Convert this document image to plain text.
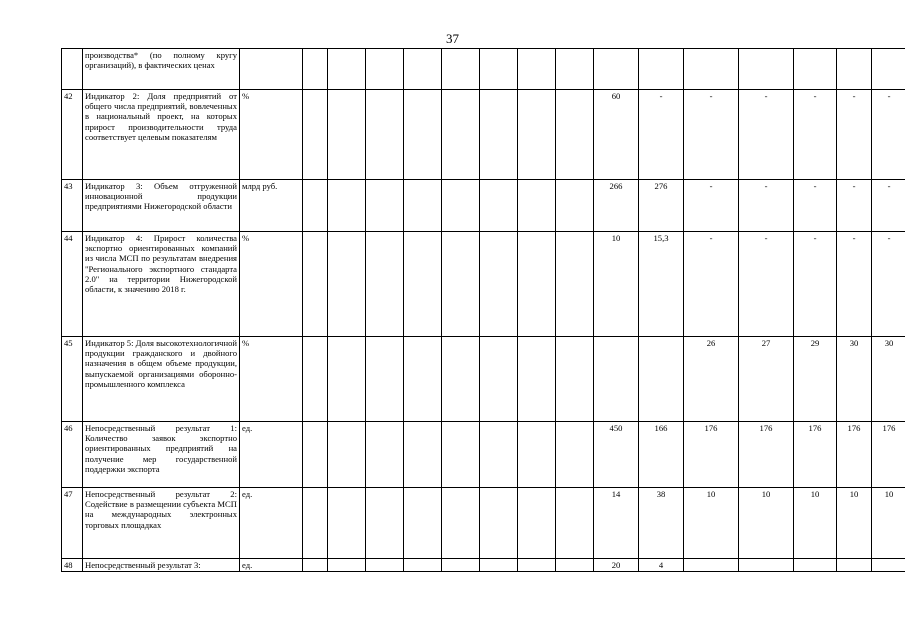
37
	производства* (по полному кругу организаций), в фактических ценах																
42	Индикатор 2: Доля предприятий от общего числа предприятий, вовлеченных в национальный проект, на которых прирост производительности труда соответствует целевым показателям	%									60	-	-	-	-	-	-
43	Индикатор 3: Объем отгруженной инновационной продукции предприятиями Нижегородской области	млрд руб.									266	276	-	-	-	-	-
44	Индикатор 4: Прирост количества экспортно ориентированных компаний из числа МСП по результатам внедрения "Регионального экспортного стандарта 2.0" на территории Нижегородской области, к значению 2018 г.	%									10	15,3	-	-	-	-	-
45	Индикатор 5: Доля высокотехнологичной продукции гражданского и двойного назначения в общем объеме продукции, выпускаемой организациями оборонно-промышленного комплекса	%											26	27	29	30	30
46	Непосредственный результат 1: Количество заявок экспортно ориентированных предприятий на получение мер государственной поддержки экспорта	ед.									450	166	176	176	176	176	176
47	Непосредственный результат 2: Содействие в размещении субъекта МСП на международных электронных торговых площадках	ед.									14	38	10	10	10	10	10
48	Непосредственный результат 3:	ед.									20	4					
